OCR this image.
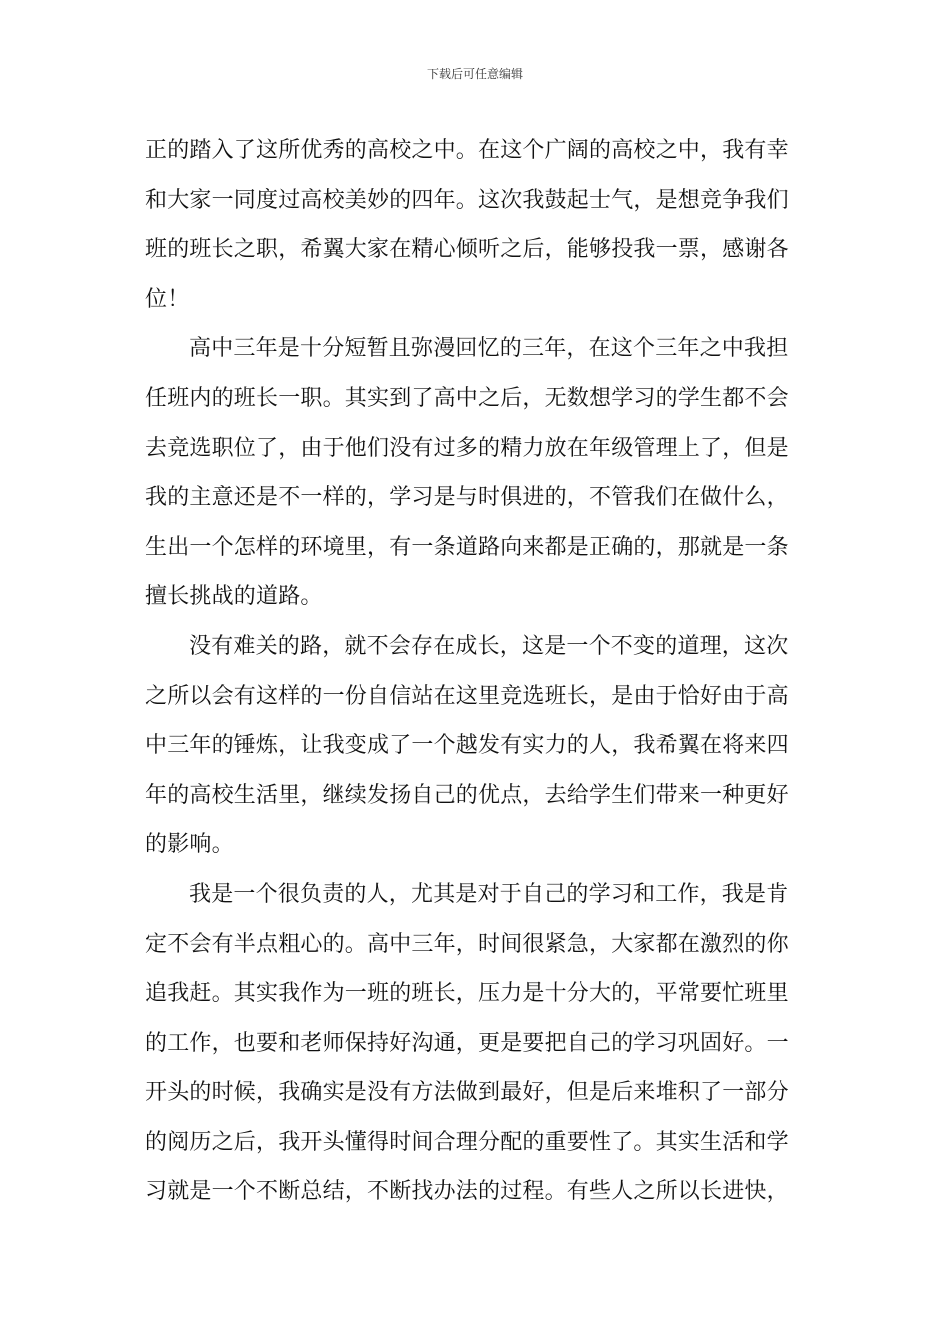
下载后可任意编辑
正的踏入了这所优秀的高校之中。在这个广阔的高校之中，我有幸
和大家一同度过高校美妙的四年。这次我鼓起士气，是想竞争我们
班的班长之职，希翼大家在精心倾听之后，能够投我一票，感谢各
位！
高中三年是十分短暂且弥漫回忆的三年，在这个三年之中我担
任班内的班长一职。其实到了高中之后，无数想学习的学生都不会
去竞选职位了，由于他们没有过多的精力放在年级管理上了，但是
我的主意还是不一样的，学习是与时俱进的，不管我们在做什么，
生出一个怎样的环境里，有一条道路向来都是正确的，那就是一条
擅长挑战的道路。
没有难关的路，就不会存在成长，这是一个不变的道理，这次
之所以会有这样的一份自信站在这里竞选班长，是由于恰好由于高
中三年的锤炼，让我变成了一个越发有实力的人，我希翼在将来四
年的高校生活里，继续发扬自己的优点，去给学生们带来一种更好
的影响。
我是一个很负责的人，尤其是对于自己的学习和工作，我是肯
定不会有半点粗心的。高中三年，时间很紧急，大家都在激烈的你
追我赶。其实我作为一班的班长，压力是十分大的，平常要忙班里
的工作，也要和老师保持好沟通，更是要把自己的学习巩固好。一
开头的时候，我确实是没有方法做到最好，但是后来堆积了一部分
的阅历之后，我开头懂得时间合理分配的重要性了。其实生活和学
习就是一个不断总结，不断找办法的过程。有些人之所以长进快，
